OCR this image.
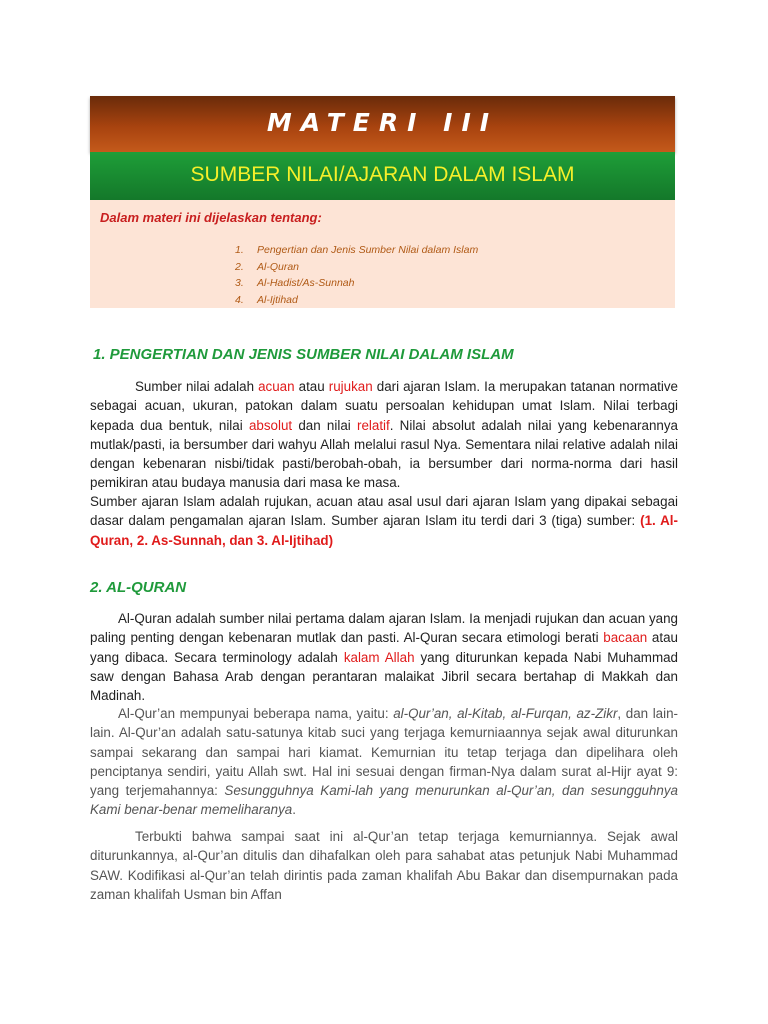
MATERI III
SUMBER NILAI/AJARAN DALAM ISLAM
Dalam materi ini dijelaskan tentang:
1. Pengertian dan Jenis Sumber Nilai dalam Islam
2. Al-Quran
3. Al-Hadist/As-Sunnah
4. Al-Ijtihad
1. PENGERTIAN DAN JENIS SUMBER NILAI DALAM ISLAM

Sumber nilai adalah acuan atau rujukan dari ajaran Islam. Ia merupakan tatanan normative sebagai acuan, ukuran, patokan dalam suatu persoalan kehidupan umat Islam. Nilai terbagi kepada dua bentuk, nilai absolut dan nilai relatif. Nilai absolut adalah nilai yang kebenarannya mutlak/pasti, ia bersumber dari wahyu Allah melalui rasul Nya. Sementara nilai relative adalah nilai dengan kebenaran nisbi/tidak pasti/berobah-obah, ia bersumber dari norma-norma dari hasil pemikiran atau budaya manusia dari masa ke masa.

Sumber ajaran Islam adalah rujukan, acuan atau asal usul dari ajaran Islam yang dipakai sebagai dasar dalam pengamalan ajaran Islam. Sumber ajaran Islam itu terdi dari 3 (tiga) sumber: (1. Al-Quran, 2. As-Sunnah, dan 3. Al-Ijtihad)

2. AL-QURAN

Al-Quran adalah sumber nilai pertama dalam ajaran Islam. Ia menjadi rujukan dan acuan yang paling penting dengan kebenaran mutlak dan pasti. Al-Quran secara etimologi berati bacaan atau yang dibaca. Secara terminology adalah kalam Allah yang diturunkan kepada Nabi Muhammad saw dengan Bahasa Arab dengan perantaran malaikat Jibril secara bertahap di Makkah dan Madinah.

Al-Qur’an mempunyai beberapa nama, yaitu: al-Qur’an, al-Kitab, al-Furqan, az-Zikr, dan lain-lain. Al-Qur’an adalah satu-satunya kitab suci yang terjaga kemurniaannya sejak awal diturunkan sampai sekarang dan sampai hari kiamat. Kemurnian itu tetap terjaga dan dipelihara oleh penciptanya sendiri, yaitu Allah swt. Hal ini sesuai dengan firman-Nya dalam surat al-Hijr ayat 9: yang terjemahannya: Sesungguhnya Kami-lah yang menurunkan al-Qur’an, dan sesungguhnya Kami benar-benar memeliharanya.

Terbukti bahwa sampai saat ini al-Qur’an tetap terjaga kemurniannya. Sejak awal diturunkannya, al-Qur’an ditulis dan dihafalkan oleh para sahabat atas petunjuk Nabi Muhammad SAW. Kodifikasi al-Qur’an telah dirintis pada zaman khalifah Abu Bakar dan disempurnakan pada zaman khalifah Usman bin Affan
